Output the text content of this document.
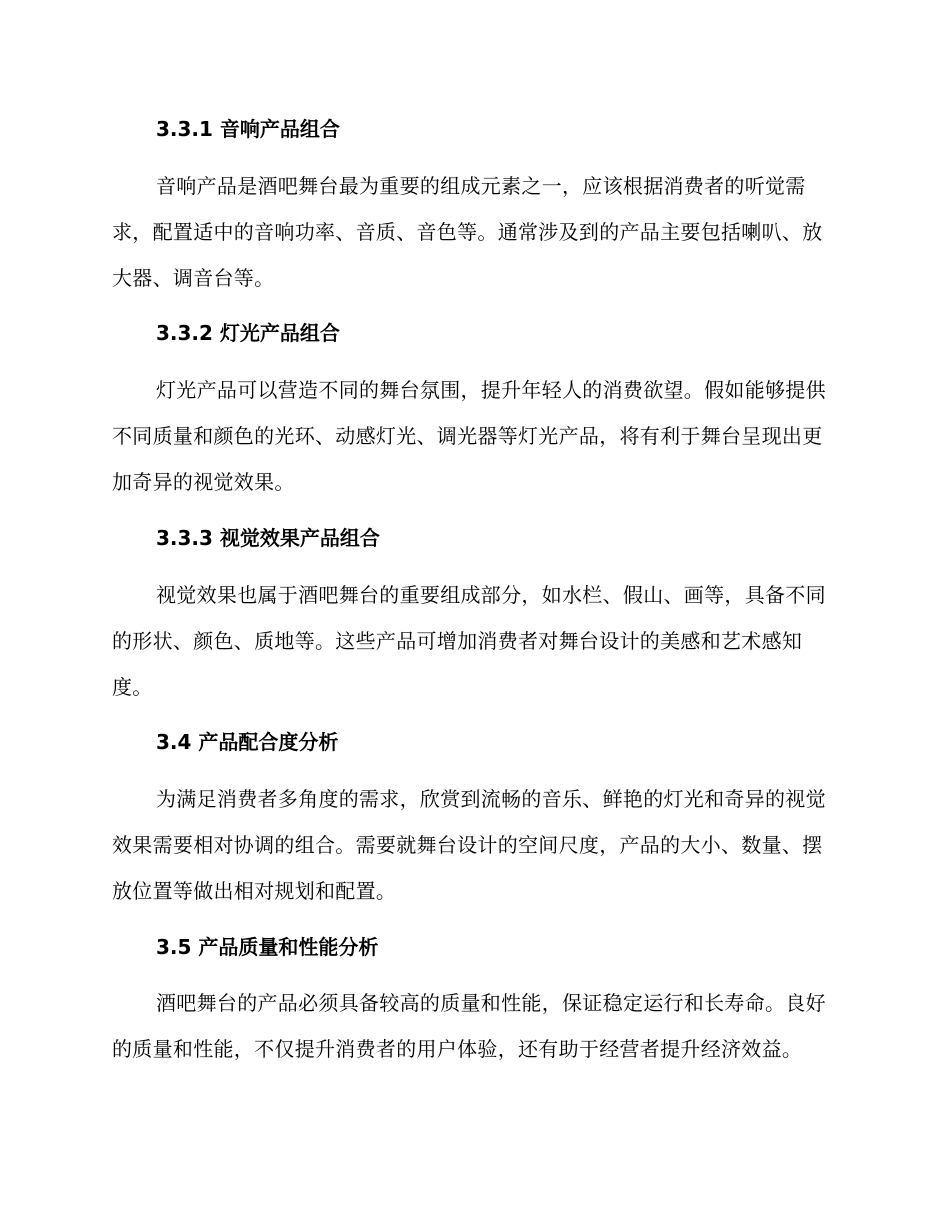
3.3.1 音响产品组合

音响产品是酒吧舞台最为重要的组成元素之一，应该根据消费者的听觉需求，配置适中的音响功率、音质、音色等。通常涉及到的产品主要包括喇叭、放大器、调音台等。

3.3.2 灯光产品组合

灯光产品可以营造不同的舞台氛围，提升年轻人的消费欲望。假如能够提供不同质量和颜色的光环、动感灯光、调光器等灯光产品，将有利于舞台呈现出更加奇异的视觉效果。

3.3.3 视觉效果产品组合

视觉效果也属于酒吧舞台的重要组成部分，如水栏、假山、画等，具备不同的形状、颜色、质地等。这些产品可增加消费者对舞台设计的美感和艺术感知度。

3.4 产品配合度分析

为满足消费者多角度的需求，欣赏到流畅的音乐、鲜艳的灯光和奇异的视觉效果需要相对协调的组合。需要就舞台设计的空间尺度，产品的大小、数量、摆放位置等做出相对规划和配置。

3.5 产品质量和性能分析

酒吧舞台的产品必须具备较高的质量和性能，保证稳定运行和长寿命。良好的质量和性能，不仅提升消费者的用户体验，还有助于经营者提升经济效益。
